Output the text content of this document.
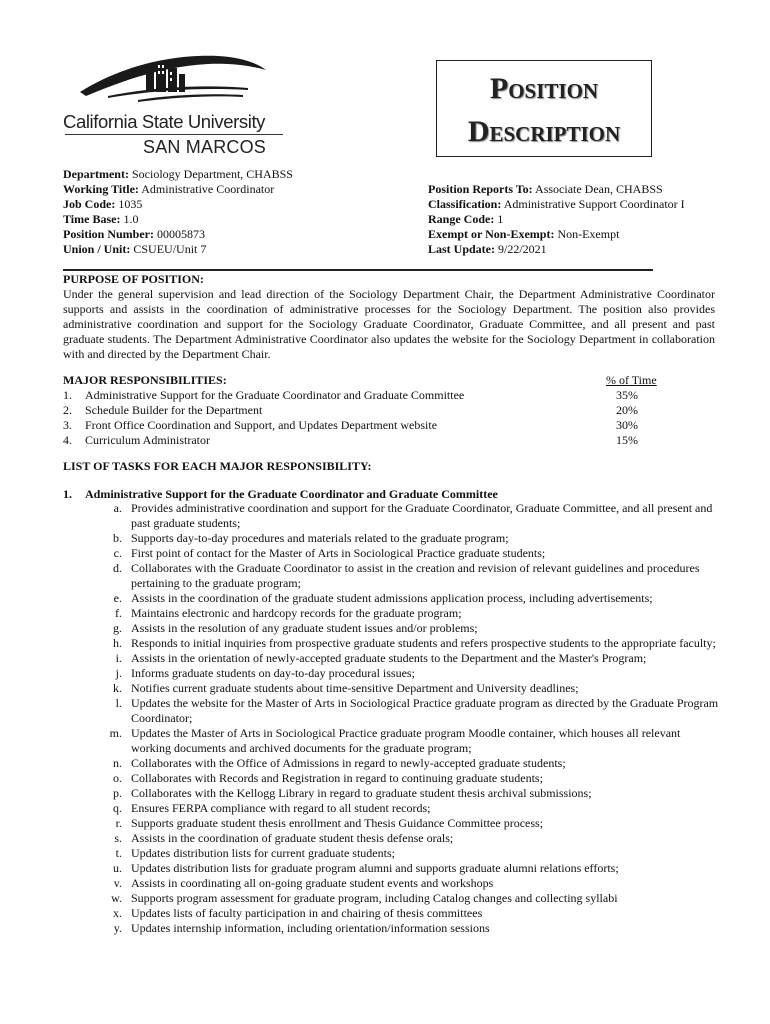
California State University
SAN MARCOS
Position
Description
Department: Sociology Department, CHABSS
Working Title: Administrative Coordinator
Job Code: 1035
Time Base: 1.0
Position Number: 00005873
Union / Unit: CSUEU/Unit 7
Position Reports To: Associate Dean, CHABSS
Classification: Administrative Support Coordinator I
Range Code: 1
Exempt or Non-Exempt: Non-Exempt
Last Update: 9/22/2021
PURPOSE OF POSITION:
Under the general supervision and lead direction of the Sociology Department Chair, the Department Administrative Coordinator supports and assists in the coordination of administrative processes for the Sociology Department. The position also provides administrative coordination and support for the Sociology Graduate Coordinator, Graduate Committee, and all present and past graduate students. The Department Administrative Coordinator also updates the website for the Sociology Department in collaboration with and directed by the Department Chair.
MAJOR RESPONSIBILITIES:	% of Time
1. Administrative Support for the Graduate Coordinator and Graduate Committee	35%
2. Schedule Builder for the Department	20%
3. Front Office Coordination and Support, and Updates Department website	30%
4. Curriculum Administrator	15%
LIST OF TASKS FOR EACH MAJOR RESPONSIBILITY:
1. Administrative Support for the Graduate Coordinator and Graduate Committee
a. Provides administrative coordination and support for the Graduate Coordinator, Graduate Committee, and all present and past graduate students;
b. Supports day-to-day procedures and materials related to the graduate program;
c. First point of contact for the Master of Arts in Sociological Practice graduate students;
d. Collaborates with the Graduate Coordinator to assist in the creation and revision of relevant guidelines and procedures pertaining to the graduate program;
e. Assists in the coordination of the graduate student admissions application process, including advertisements;
f. Maintains electronic and hardcopy records for the graduate program;
g. Assists in the resolution of any graduate student issues and/or problems;
h. Responds to initial inquiries from prospective graduate students and refers prospective students to the appropriate faculty;
i. Assists in the orientation of newly-accepted graduate students to the Department and the Master's Program;
j. Informs graduate students on day-to-day procedural issues;
k. Notifies current graduate students about time-sensitive Department and University deadlines;
l. Updates the website for the Master of Arts in Sociological Practice graduate program as directed by the Graduate Program Coordinator;
m. Updates the Master of Arts in Sociological Practice graduate program Moodle container, which houses all relevant working documents and archived documents for the graduate program;
n. Collaborates with the Office of Admissions in regard to newly-accepted graduate students;
o. Collaborates with Records and Registration in regard to continuing graduate students;
p. Collaborates with the Kellogg Library in regard to graduate student thesis archival submissions;
q. Ensures FERPA compliance with regard to all student records;
r. Supports graduate student thesis enrollment and Thesis Guidance Committee process;
s. Assists in the coordination of graduate student thesis defense orals;
t. Updates distribution lists for current graduate students;
u. Updates distribution lists for graduate program alumni and supports graduate alumni relations efforts;
v. Assists in coordinating all on-going graduate student events and workshops
w. Supports program assessment for graduate program, including Catalog changes and collecting syllabi
x. Updates lists of faculty participation in and chairing of thesis committees
y. Updates internship information, including orientation/information sessions
